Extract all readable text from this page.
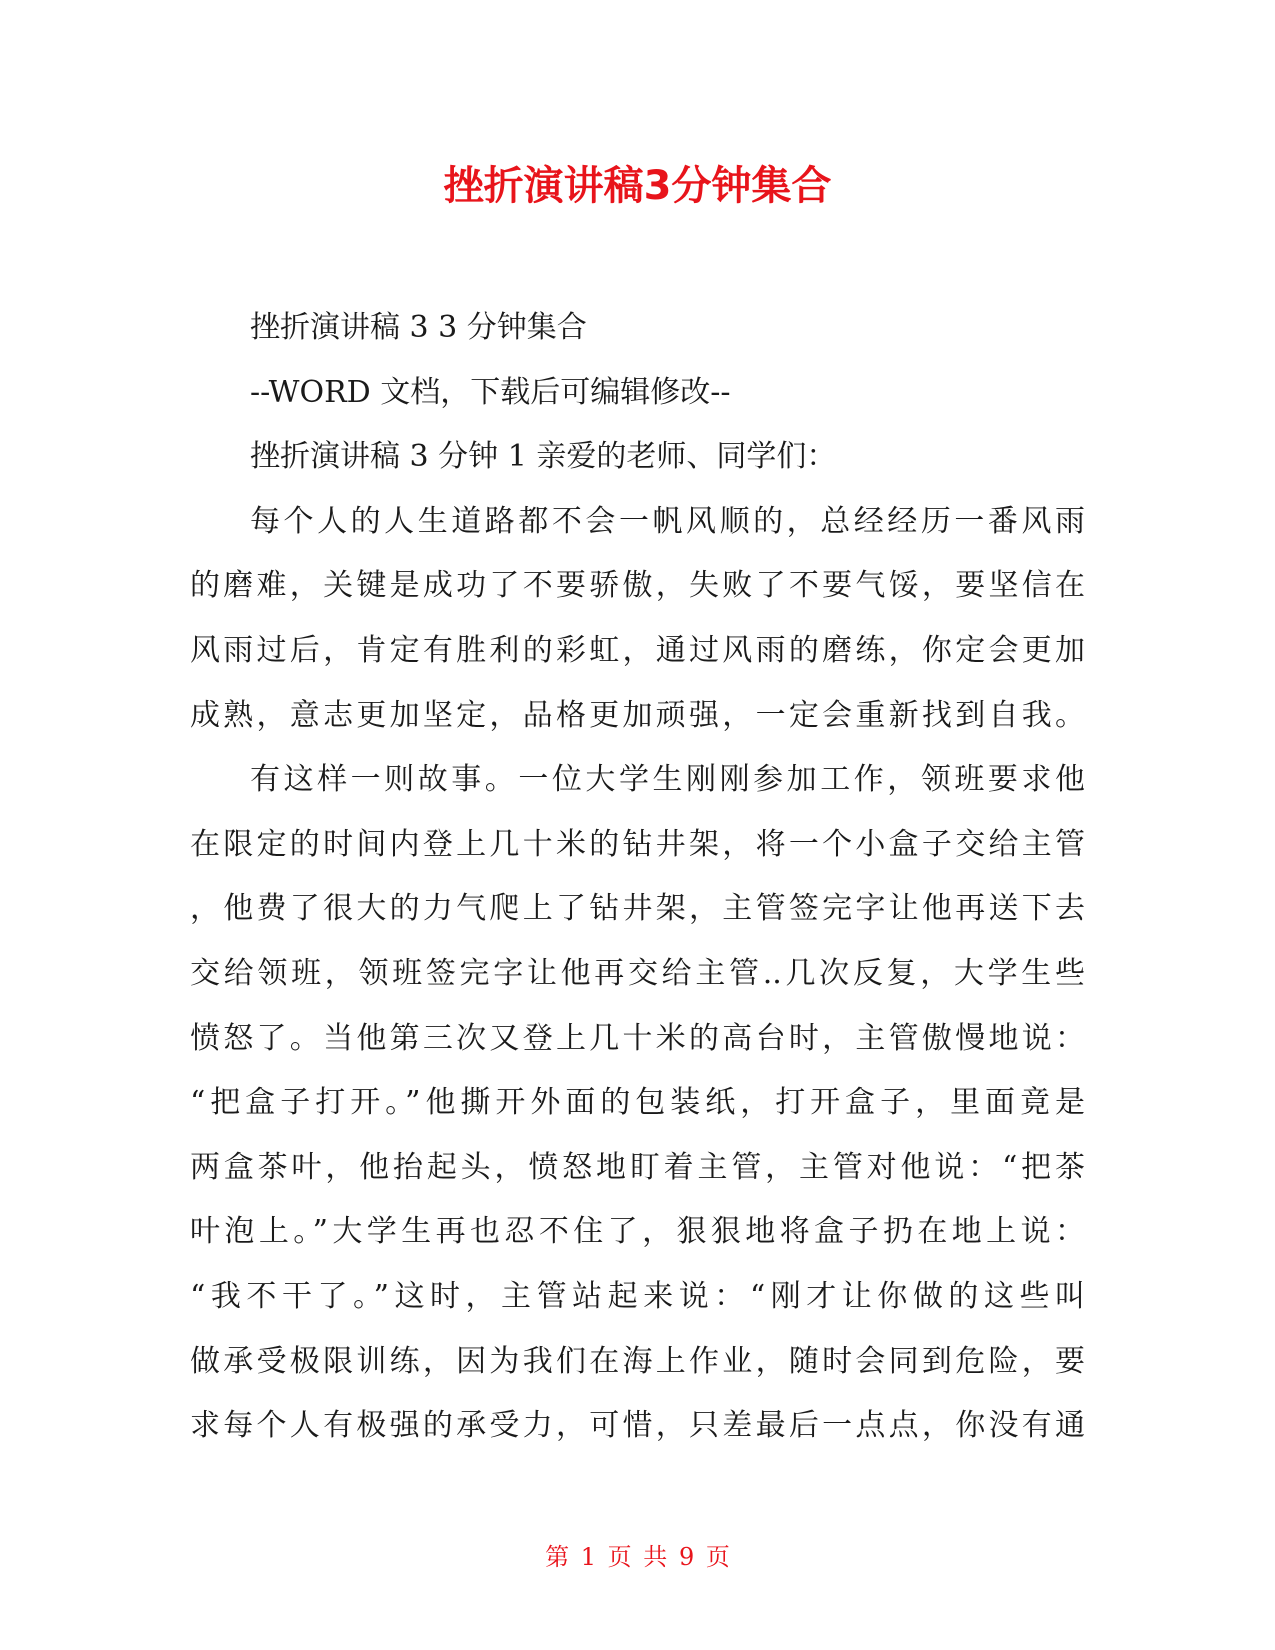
挫折演讲稿3分钟集合

挫折演讲稿 3 3 分钟集合

--WORD 文档，下载后可编辑修改--

挫折演讲稿 3 分钟 1 亲爱的老师、同学们：

每个人的人生道路都不会一帆风顺的，总经经历一番风雨
的磨难，关键是成功了不要骄傲，失败了不要气馁，要坚信在
风雨过后，肯定有胜利的彩虹，通过风雨的磨练，你定会更加
成熟，意志更加坚定，品格更加顽强，一定会重新找到自我。
有这样一则故事。一位大学生刚刚参加工作，领班要求他
在限定的时间内登上几十米的钻井架，将一个小盒子交给主管
，他费了很大的力气爬上了钻井架，主管签完字让他再送下去
交给领班，领班签完字让他再交给主管..几次反复，大学生些
愤怒了。当他第三次又登上几十米的高台时，主管傲慢地说：
“把盒子打开。”他撕开外面的包装纸，打开盒子，里面竟是
两盒茶叶，他抬起头，愤怒地盯着主管，主管对他说：“把茶
叶泡上。”大学生再也忍不住了，狠狠地将盒子扔在地上说：
“我不干了。”这时，主管站起来说：“刚才让你做的这些叫
做承受极限训练，因为我们在海上作业，随时会同到危险，要
求每个人有极强的承受力，可惜，只差最后一点点，你没有通
第 1 页 共 9 页
